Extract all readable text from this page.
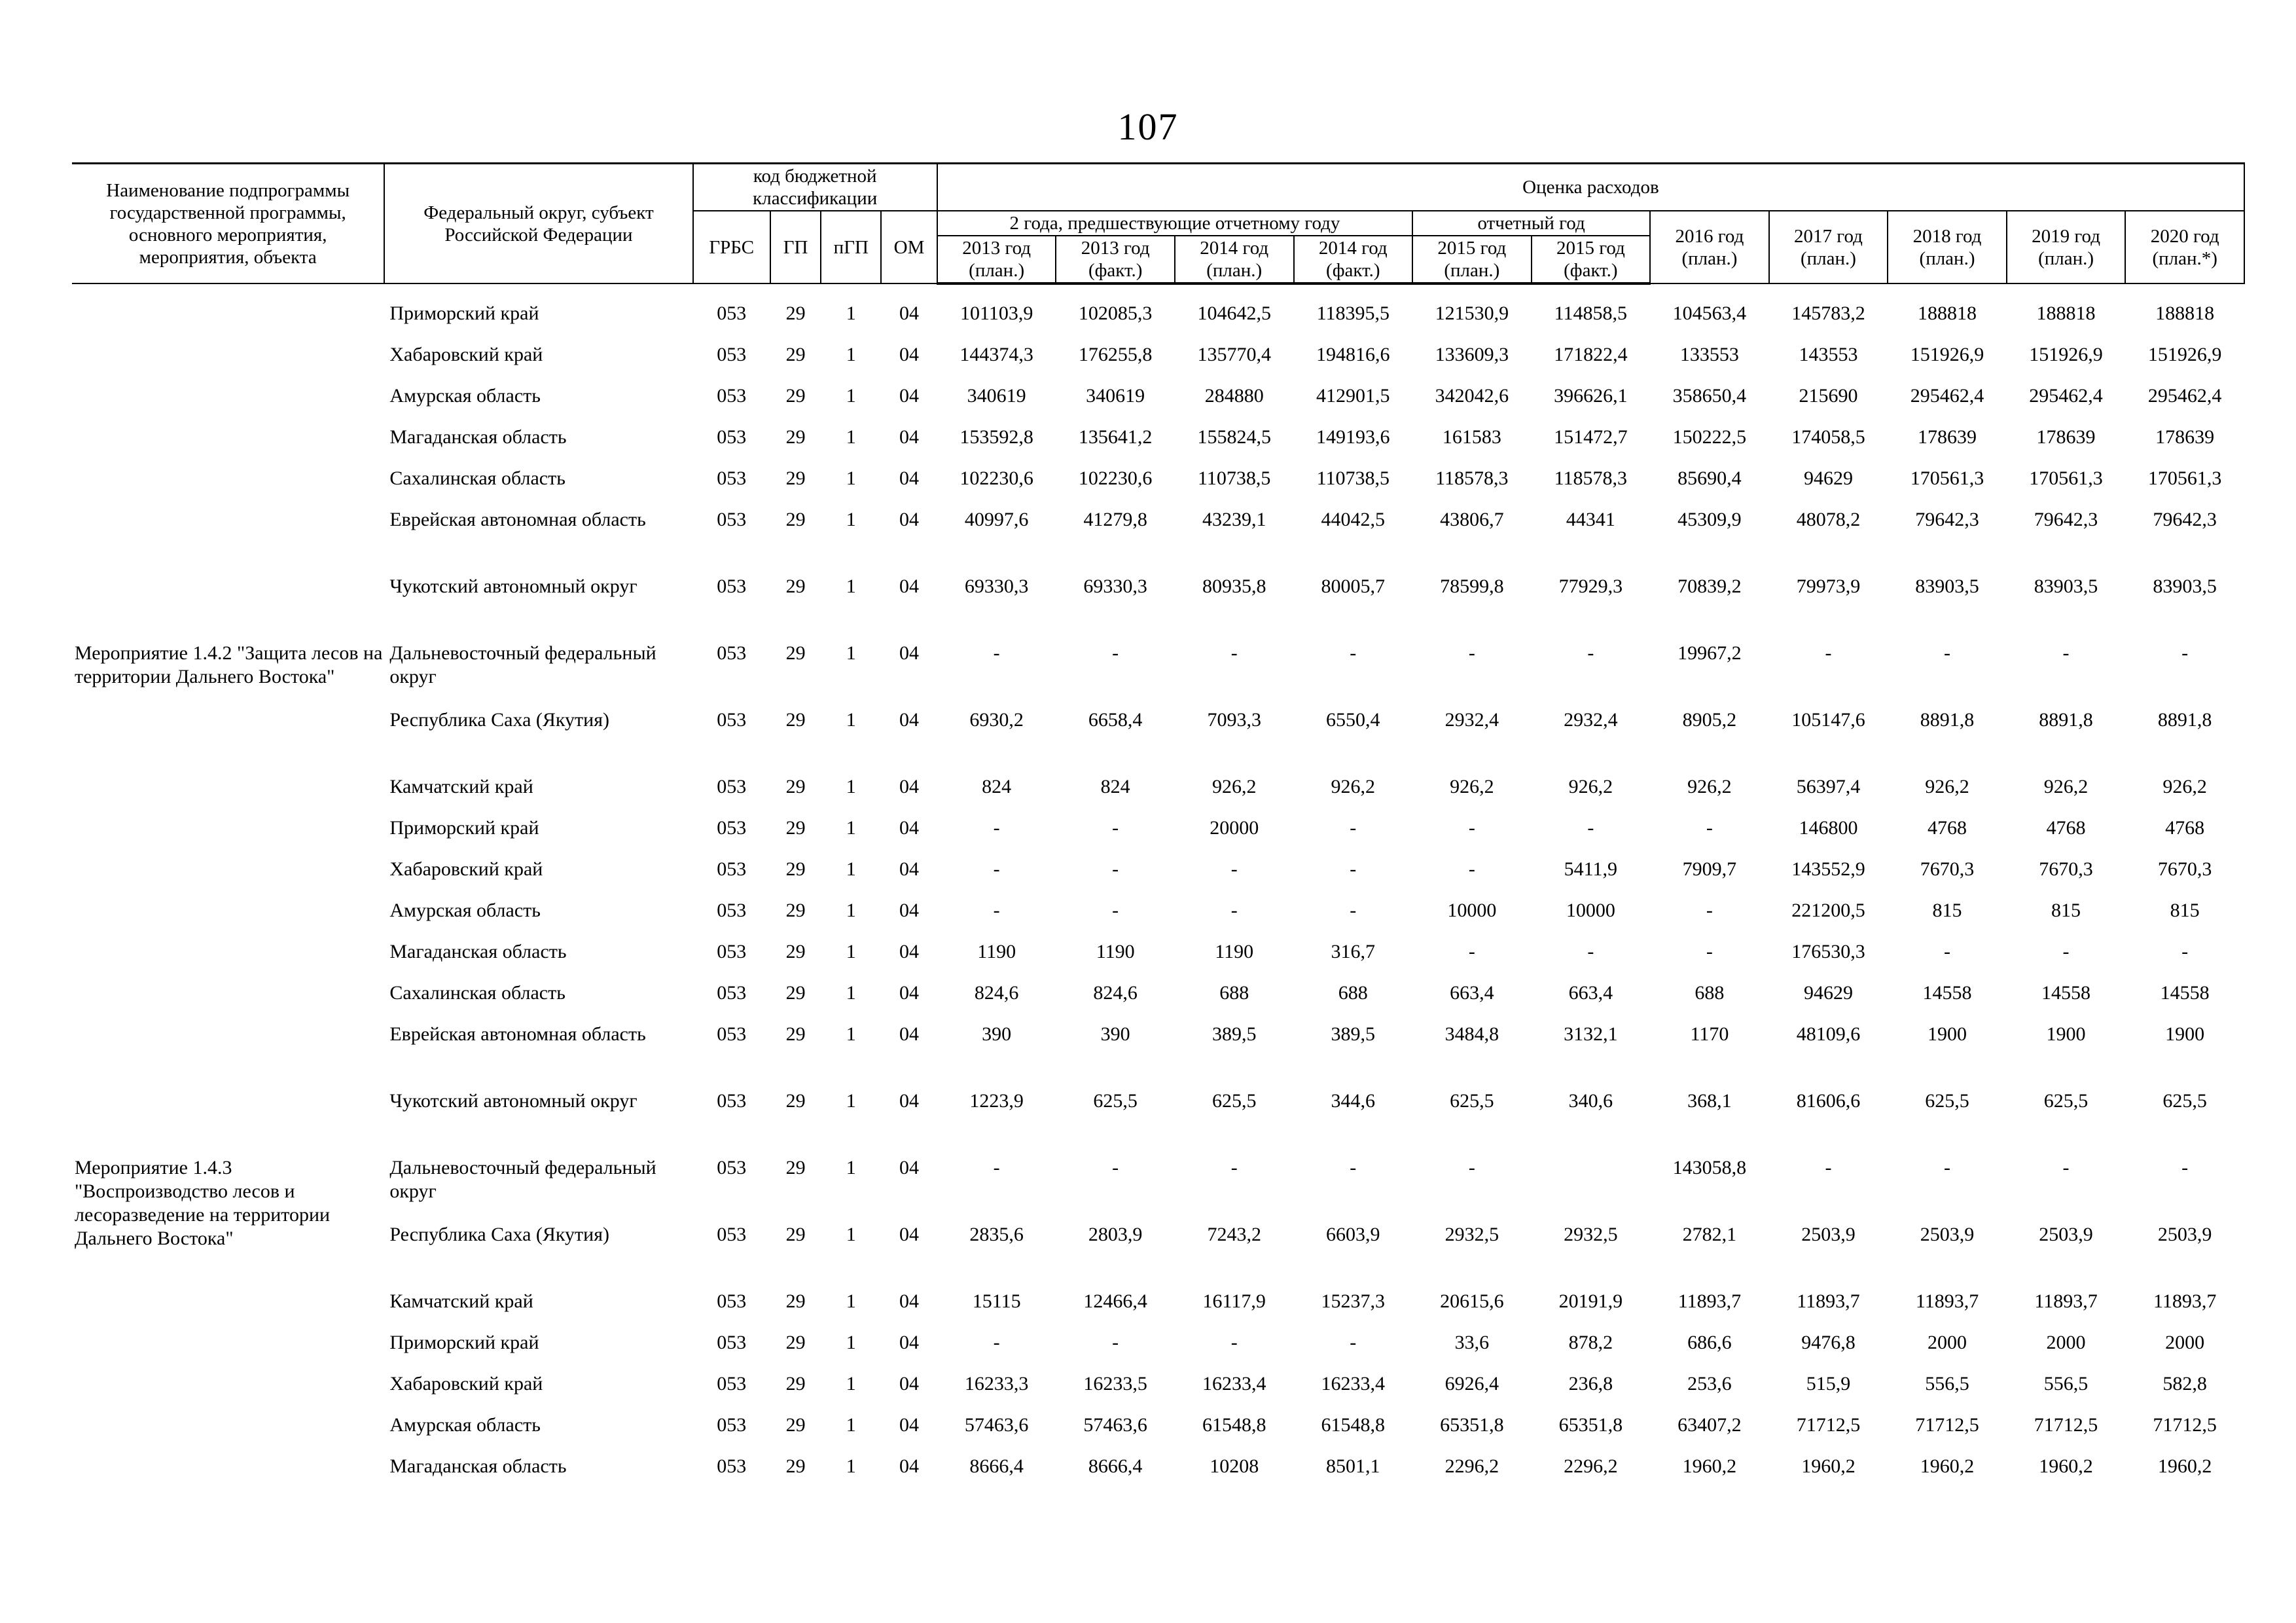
107
Наименование подпрограммы государственной программы, основного мероприятия, мероприятия, объекта	Федеральный округ, субъект Российской Федерации	код бюджетной классификации				Оценка расходов										
		ГРБС	ГП	пГП	ОМ	2 года, предшествующие отчетному году				отчетный год		2016 год (план.)	2017 год (план.)	2018 год (план.)	2019 год (план.)	2020 год (план.*)
						2013 год (план.)	2013 год (факт.)	2014 год (план.)	2014 год (факт.)	2015 год (план.)	2015 год (факт.)					

	Приморский край	053	29	1	04	101103,9	102085,3	104642,5	118395,5	121530,9	114858,5	104563,4	145783,2	188818	188818	188818
	Хабаровский край	053	29	1	04	144374,3	176255,8	135770,4	194816,6	133609,3	171822,4	133553	143553	151926,9	151926,9	151926,9
	Амурская область	053	29	1	04	340619	340619	284880	412901,5	342042,6	396626,1	358650,4	215690	295462,4	295462,4	295462,4
	Магаданская область	053	29	1	04	153592,8	135641,2	155824,5	149193,6	161583	151472,7	150222,5	174058,5	178639	178639	178639
	Сахалинская область	053	29	1	04	102230,6	102230,6	110738,5	110738,5	118578,3	118578,3	85690,4	94629	170561,3	170561,3	170561,3
	Еврейская автономная область	053	29	1	04	40997,6	41279,8	43239,1	44042,5	43806,7	44341	45309,9	48078,2	79642,3	79642,3	79642,3
	Чукотский автономный округ	053	29	1	04	69330,3	69330,3	80935,8	80005,7	78599,8	77929,3	70839,2	79973,9	83903,5	83903,5	83903,5
Мероприятие 1.4.2 "Защита лесов на территории Дальнего Востока"	Дальневосточный федеральный округ	053	29	1	04	-	-	-	-	-	-	19967,2	-	-	-	-
	Республика Саха (Якутия)	053	29	1	04	6930,2	6658,4	7093,3	6550,4	2932,4	2932,4	8905,2	105147,6	8891,8	8891,8	8891,8
	Камчатский край	053	29	1	04	824	824	926,2	926,2	926,2	926,2	926,2	56397,4	926,2	926,2	926,2
	Приморский край	053	29	1	04	-	-	20000	-	-	-	-	146800	4768	4768	4768
	Хабаровский край	053	29	1	04	-	-	-	-	-	5411,9	7909,7	143552,9	7670,3	7670,3	7670,3
	Амурская область	053	29	1	04	-	-	-	-	10000	10000	-	221200,5	815	815	815
	Магаданская область	053	29	1	04	1190	1190	1190	316,7	-	-	-	176530,3	-	-	-
	Сахалинская область	053	29	1	04	824,6	824,6	688	688	663,4	663,4	688	94629	14558	14558	14558
	Еврейская автономная область	053	29	1	04	390	390	389,5	389,5	3484,8	3132,1	1170	48109,6	1900	1900	1900
	Чукотский автономный округ	053	29	1	04	1223,9	625,5	625,5	344,6	625,5	340,6	368,1	81606,6	625,5	625,5	625,5
Мероприятие 1.4.3 "Воспроизводство лесов и лесоразведение на территории Дальнего Востока"	Дальневосточный федеральный округ	053	29	1	04	-	-	-	-	-		143058,8	-	-	-	-
	Республика Саха (Якутия)	053	29	1	04	2835,6	2803,9	7243,2	6603,9	2932,5	2932,5	2782,1	2503,9	2503,9	2503,9	2503,9
	Камчатский край	053	29	1	04	15115	12466,4	16117,9	15237,3	20615,6	20191,9	11893,7	11893,7	11893,7	11893,7	11893,7
	Приморский край	053	29	1	04	-	-	-	-	33,6	878,2	686,6	9476,8	2000	2000	2000
	Хабаровский край	053	29	1	04	16233,3	16233,5	16233,4	16233,4	6926,4	236,8	253,6	515,9	556,5	556,5	582,8
	Амурская область	053	29	1	04	57463,6	57463,6	61548,8	61548,8	65351,8	65351,8	63407,2	71712,5	71712,5	71712,5	71712,5
	Магаданская область	053	29	1	04	8666,4	8666,4	10208	8501,1	2296,2	2296,2	1960,2	1960,2	1960,2	1960,2	1960,2
